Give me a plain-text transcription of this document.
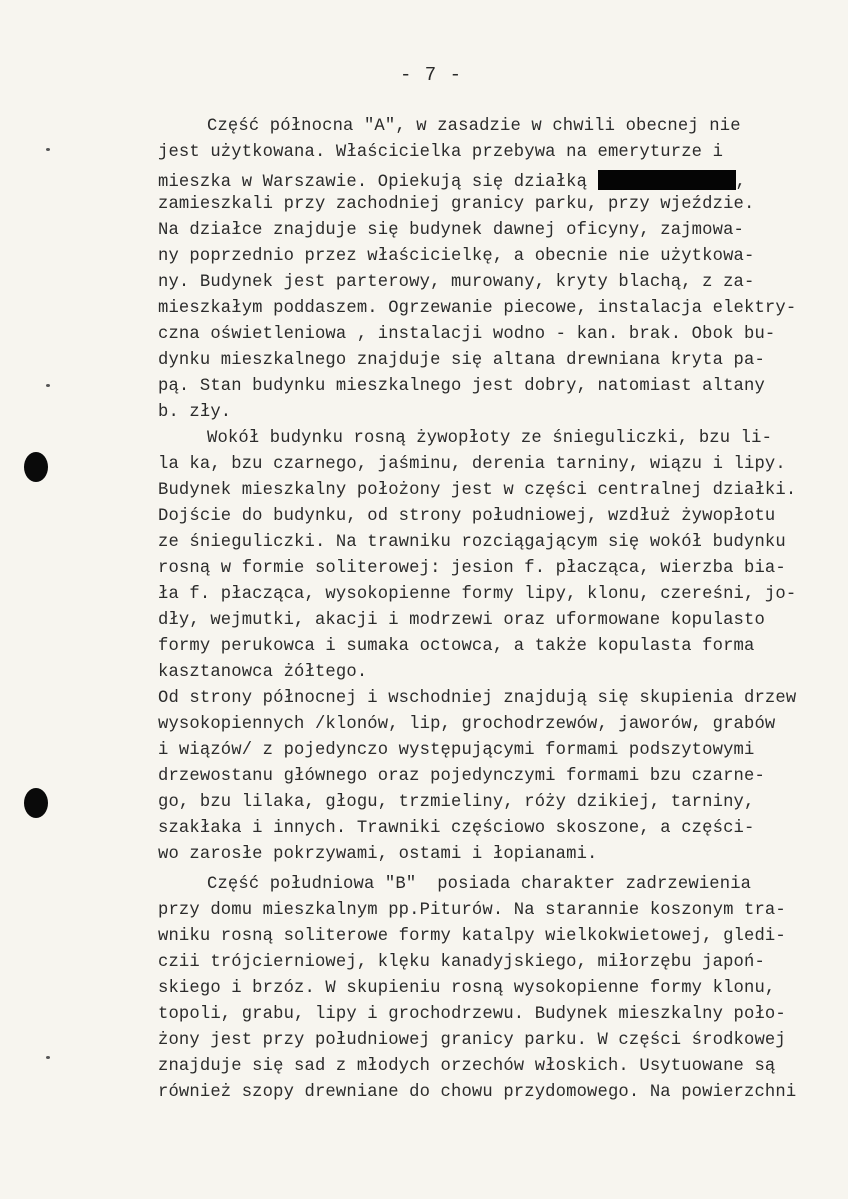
- 7 -
Część północna "A", w zasadzie w chwili obecnej nie
jest użytkowana. Właścicielka przebywa na emeryturze i
mieszka w Warszawie. Opiekują się działką	,
zamieszkali przy zachodniej granicy parku, przy wjeździe.
Na działce znajduje się budynek dawnej oficyny, zajmowa-
ny poprzednio przez właścicielkę, a obecnie nie użytkowa-
ny. Budynek jest parterowy, murowany, kryty blachą, z za-
mieszkałym poddaszem. Ogrzewanie piecowe, instalacja elektry-
czna oświetleniowa , instalacji wodno - kan. brak. Obok bu-
dynku mieszkalnego znajduje się altana drewniana kryta pa-
pą. Stan budynku mieszkalnego jest dobry, natomiast altany
b. zły.
Wokół budynku rosną żywopłoty ze śnieguliczki, bzu li-
la ka, bzu czarnego, jaśminu, derenia tarniny, wiązu i lipy.
Budynek mieszkalny położony jest w części centralnej działki.
Dojście do budynku, od strony południowej, wzdłuż żywopłotu
ze śnieguliczki. Na trawniku rozciągającym się wokół budynku
rosną w formie soliterowej: jesion f. płacząca, wierzba bia-
ła f. płacząca, wysokopienne formy lipy, klonu, czereśni, jo-
dły, wejmutki, akacji i modrzewi oraz uformowane kopulasto
formy perukowca i sumaka octowca, a także kopulasta forma
kasztanowca żółtego.
Od strony północnej i wschodniej znajdują się skupienia drzew
wysokopiennych /klonów, lip, grochodrzewów, jaworów, grabów
i wiązów/ z pojedynczo występującymi formami podszytowymi
drzewostanu głównego oraz pojedynczymi formami bzu czarne-
go, bzu lilaka, głogu, trzmieliny, róży dzikiej, tarniny,
szakłaka i innych. Trawniki częściowo skoszone, a części-
wo zarosłe pokrzywami, ostami i łopianami.
Część południowa "B"  posiada charakter zadrzewienia
przy domu mieszkalnym pp.Piturów. Na starannie koszonym tra-
wniku rosną soliterowe formy katalpy wielkokwietowej, gledi-
czii trójcierniowej, klęku kanadyjskiego, miłorzębu japoń-
skiego i brzóz. W skupieniu rosną wysokopienne formy klonu,
topoli, grabu, lipy i grochodrzewu. Budynek mieszkalny poło-
żony jest przy południowej granicy parku. W części środkowej
znajduje się sad z młodych orzechów włoskich. Usytuowane są
również szopy drewniane do chowu przydomowego. Na powierzchni
